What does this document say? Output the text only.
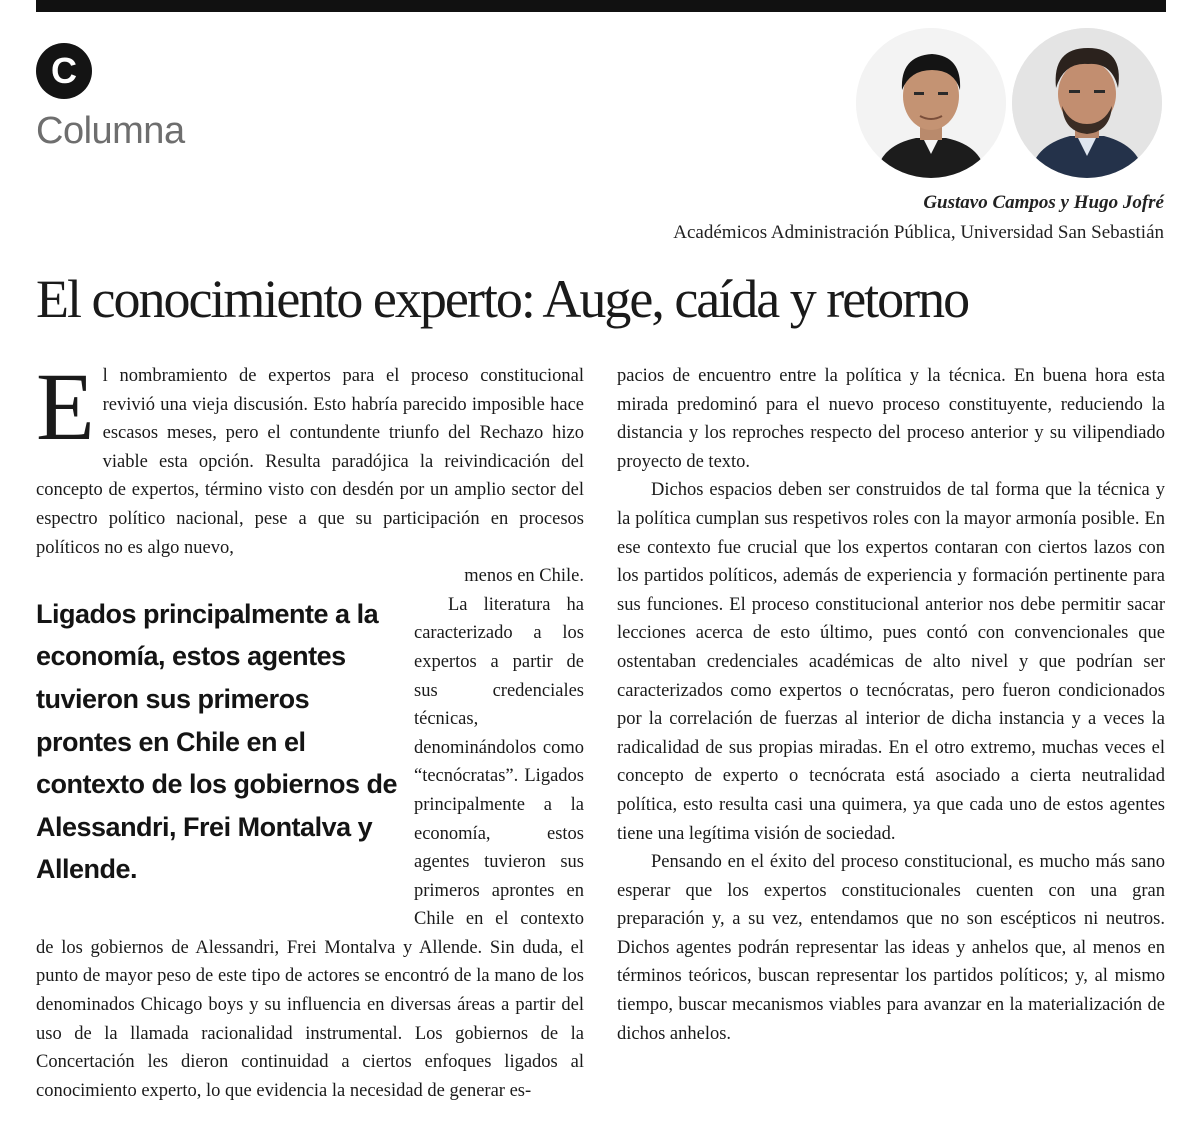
C
Columna
Gustavo Campos y Hugo Jofré
Académicos Administración Pública, Universidad San Sebastián
El conocimiento experto: Auge, caída y retorno
E l nombramiento de expertos para el proceso constitucional revivió una vieja discusión. Esto habría parecido imposible hace escasos meses, pero el contundente triunfo del Rechazo hizo viable esta opción. Resulta paradójica la reivindicación del concepto de expertos, término visto con desdén por un amplio sector del espectro político nacional, pese a que su participación en procesos políticos no es algo nuevo,

menos en Chile.

Ligados principalmente a la economía, estos agentes tuvieron sus primeros prontes en Chile en el contexto de los gobiernos de Alessandri, Frei Montalva y Allende.

La literatura ha caracterizado a los expertos a partir de sus credenciales técnicas, denominándolos como “tecnócratas”. Ligados principalmente a la economía, estos agentes tuvieron sus primeros aprontes en Chile en el contexto de los gobiernos de Alessandri, Frei Montalva y Allende. Sin duda, el punto de mayor peso de este tipo de actores se encontró de la mano de los denominados Chicago boys y su influencia en diversas áreas a partir del uso de la llamada racionalidad instrumental. Los gobiernos de la Concertación les dieron continuidad a ciertos enfoques ligados al conocimiento experto, lo que evidencia la necesidad de generar es-

pacios de encuentro entre la política y la técnica. En buena hora esta mirada predominó para el nuevo proceso constituyente, reduciendo la distancia y los reproches respecto del proceso anterior y su vilipendiado proyecto de texto.

Dichos espacios deben ser construidos de tal forma que la técnica y la política cumplan sus respetivos roles con la mayor armonía posible. En ese contexto fue crucial que los expertos contaran con ciertos lazos con los partidos políticos, además de experiencia y formación pertinente para sus funciones. El proceso constitucional anterior nos debe permitir sacar lecciones acerca de esto último, pues contó con convencionales que ostentaban credenciales académicas de alto nivel y que podrían ser caracterizados como expertos o tecnócratas, pero fueron condicionados por la correlación de fuerzas al interior de dicha instancia y a veces la radicalidad de sus propias miradas. En el otro extremo, muchas veces el concepto de experto o tecnócrata está asociado a cierta neutralidad política, esto resulta casi una quimera, ya que cada uno de estos agentes tiene una legítima visión de sociedad.

Pensando en el éxito del proceso constitucional, es mucho más sano esperar que los expertos constitucionales cuenten con una gran preparación y, a su vez, entendamos que no son escépticos ni neutros. Dichos agentes podrán representar las ideas y anhelos que, al menos en términos teóricos, buscan representar los partidos políticos; y, al mismo tiempo, buscar mecanismos viables para avanzar en la materialización de dichos anhelos.
